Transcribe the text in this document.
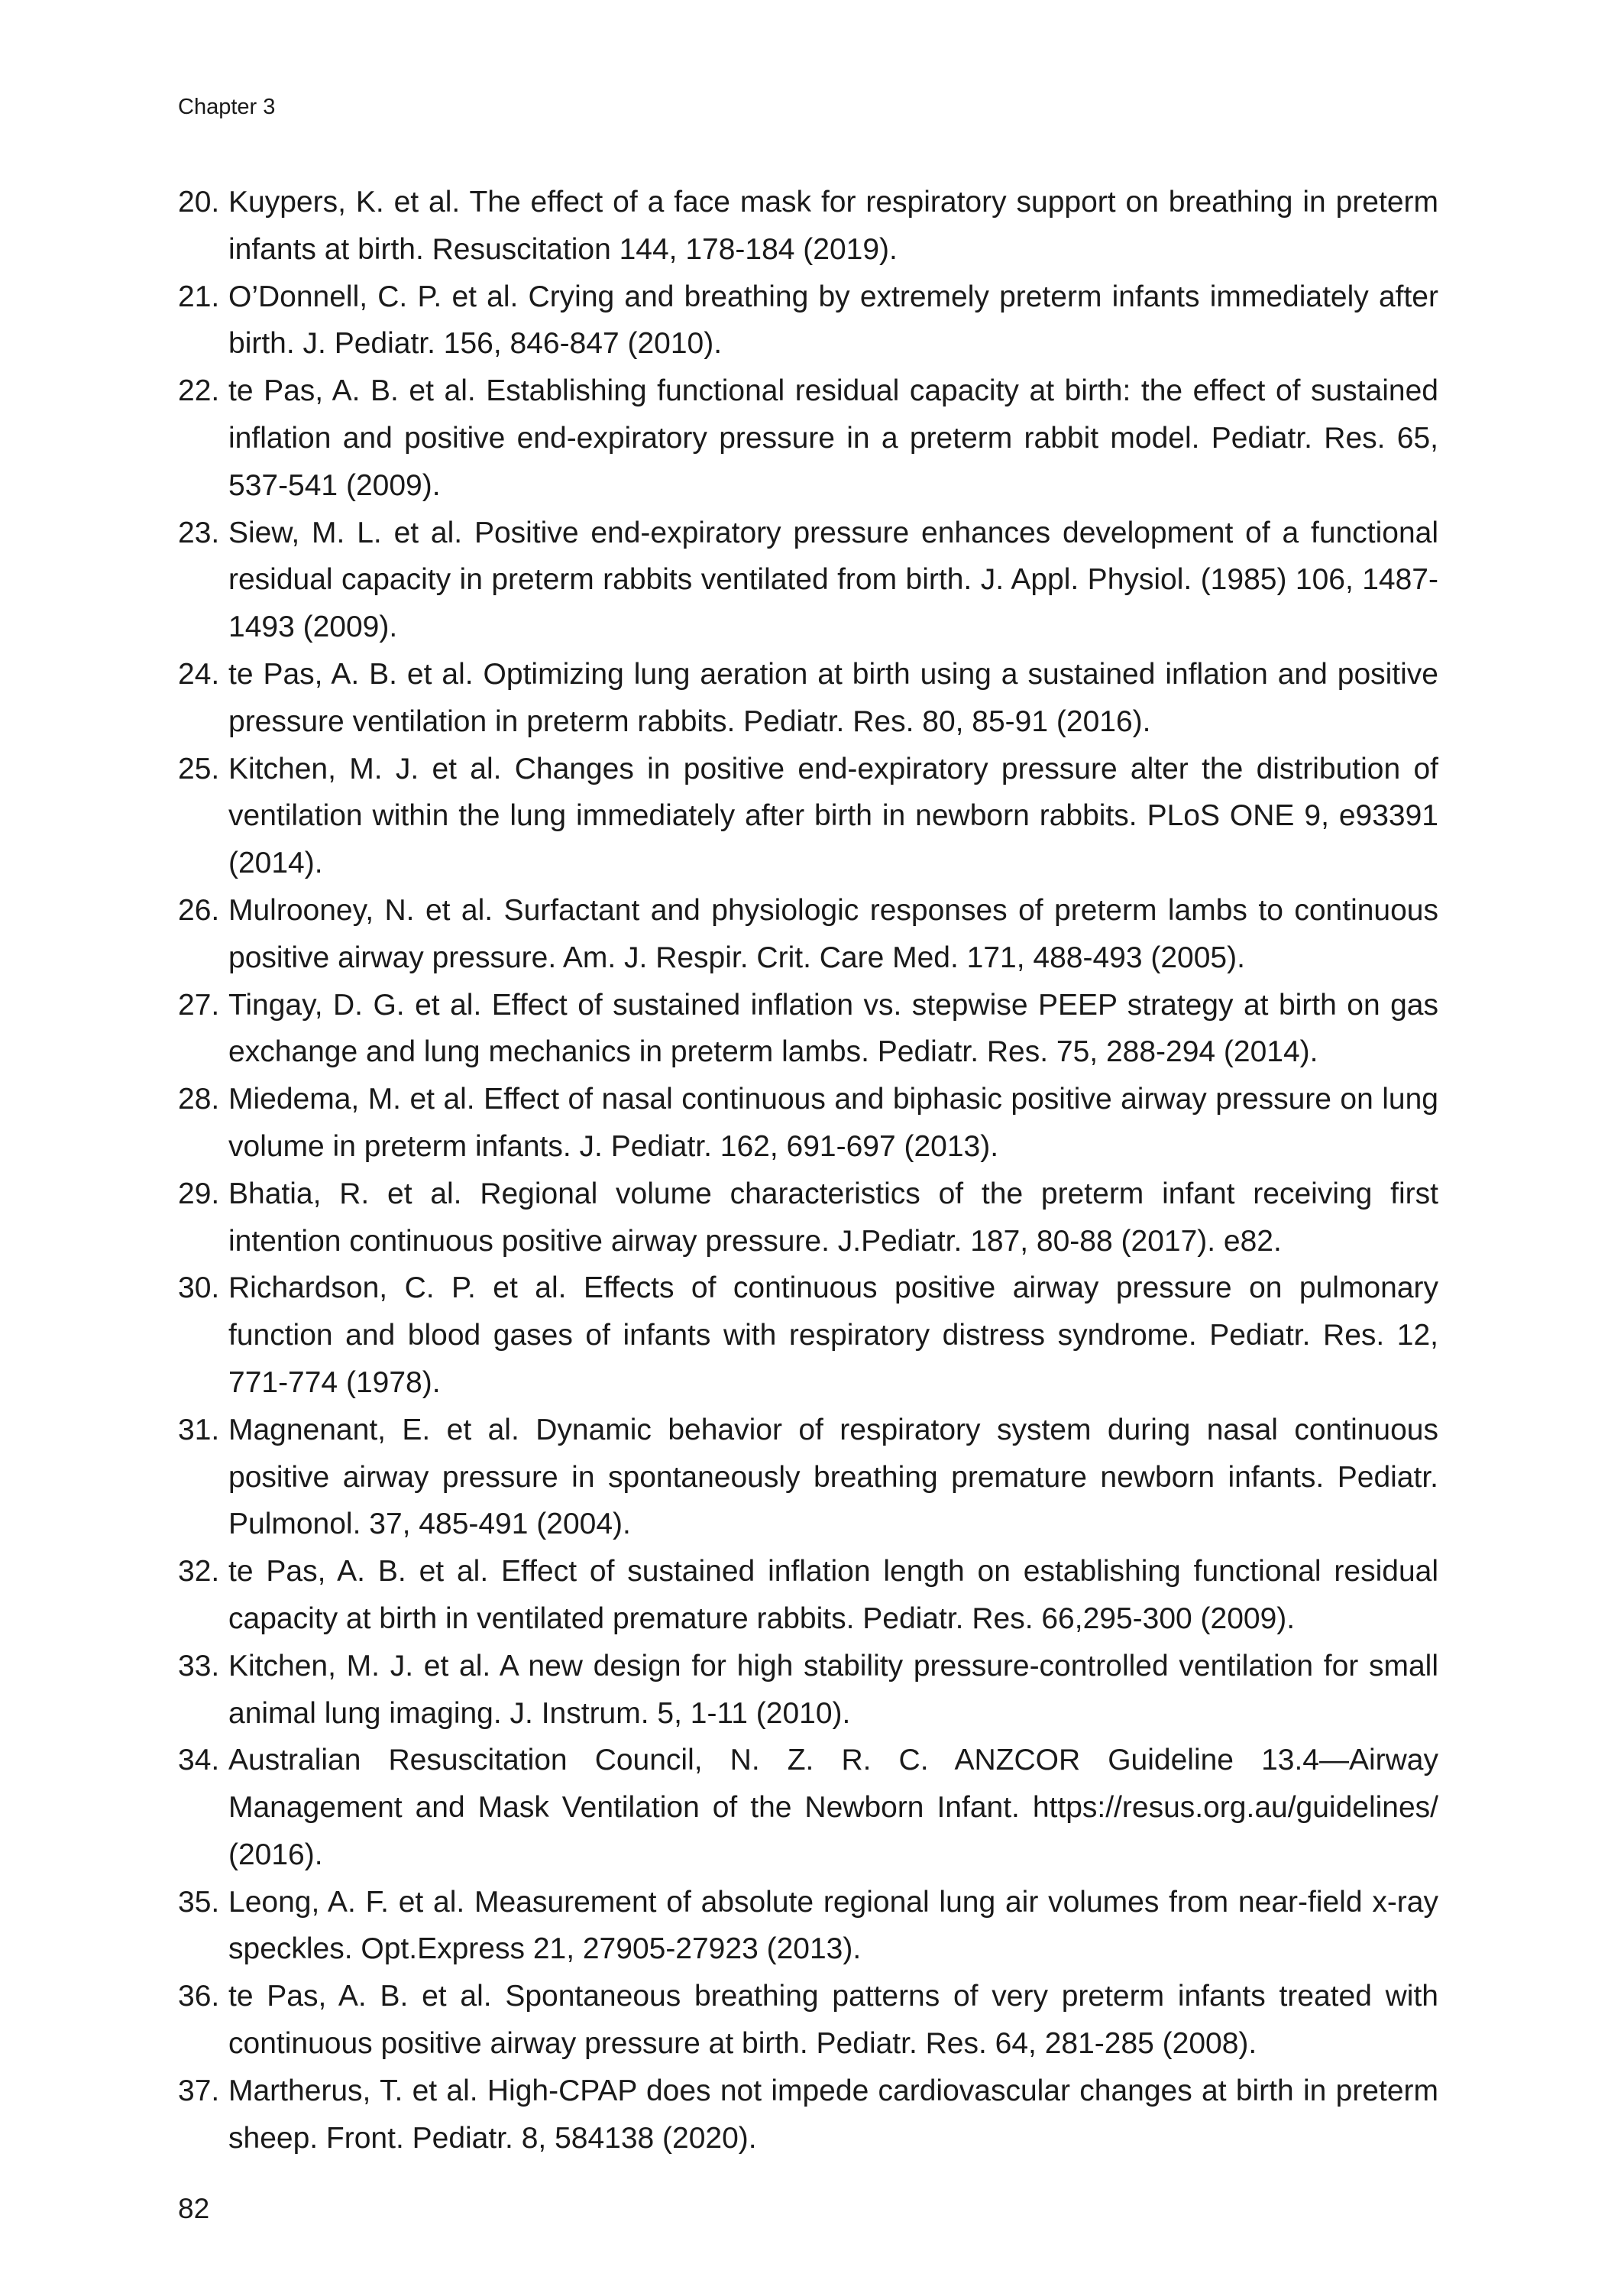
Chapter 3
20. Kuypers, K. et al. The effect of a face mask for respiratory support on breathing in preterm infants at birth. Resuscitation 144, 178-184 (2019).
21. O’Donnell, C. P. et al. Crying and breathing by extremely preterm infants immediately after birth. J. Pediatr. 156, 846-847 (2010).
22. te Pas, A. B. et al. Establishing functional residual capacity at birth: the effect of sustained inflation and positive end-expiratory pressure in a preterm rabbit model. Pediatr. Res. 65, 537-541 (2009).
23. Siew, M. L. et al. Positive end-expiratory pressure enhances development of a functional residual capacity in preterm rabbits ventilated from birth. J. Appl. Physiol. (1985) 106, 1487-1493 (2009).
24. te Pas, A. B. et al. Optimizing lung aeration at birth using a sustained inflation and positive pressure ventilation in preterm rabbits. Pediatr. Res. 80, 85-91 (2016).
25. Kitchen, M. J. et al. Changes in positive end-expiratory pressure alter the distribution of ventilation within the lung immediately after birth in newborn rabbits. PLoS ONE 9, e93391 (2014).
26. Mulrooney, N. et al. Surfactant and physiologic responses of preterm lambs to continuous positive airway pressure. Am. J. Respir. Crit. Care Med. 171, 488-493 (2005).
27. Tingay, D. G. et al. Effect of sustained inflation vs. stepwise PEEP strategy at birth on gas exchange and lung mechanics in preterm lambs. Pediatr. Res. 75, 288-294 (2014).
28. Miedema, M. et al. Effect of nasal continuous and biphasic positive airway pressure on lung volume in preterm infants. J. Pediatr. 162, 691-697 (2013).
29. Bhatia, R. et al. Regional volume characteristics of the preterm infant receiving first intention continuous positive airway pressure. J.Pediatr. 187, 80-88 (2017). e82.
30. Richardson, C. P. et al. Effects of continuous positive airway pressure on pulmonary function and blood gases of infants with respiratory distress syndrome. Pediatr. Res. 12, 771-774 (1978).
31. Magnenant, E. et al. Dynamic behavior of respiratory system during nasal continuous positive airway pressure in spontaneously breathing premature newborn infants. Pediatr. Pulmonol. 37, 485-491 (2004).
32. te Pas, A. B. et al. Effect of sustained inflation length on establishing functional residual capacity at birth in ventilated premature rabbits. Pediatr. Res. 66,295-300 (2009).
33. Kitchen, M. J. et al. A new design for high stability pressure-controlled ventilation for small animal lung imaging. J. Instrum. 5, 1-11 (2010).
34. Australian Resuscitation Council, N. Z. R. C. ANZCOR Guideline 13.4—Airway Management and Mask Ventilation of the Newborn Infant. https://resus.org.au/guidelines/ (2016).
35. Leong, A. F. et al. Measurement of absolute regional lung air volumes from near-field x-ray speckles. Opt.Express 21, 27905-27923 (2013).
36. te Pas, A. B. et al. Spontaneous breathing patterns of very preterm infants treated with continuous positive airway pressure at birth. Pediatr. Res. 64, 281-285 (2008).
37. Martherus, T. et al. High-CPAP does not impede cardiovascular changes at birth in preterm sheep. Front. Pediatr. 8, 584138 (2020).
82
